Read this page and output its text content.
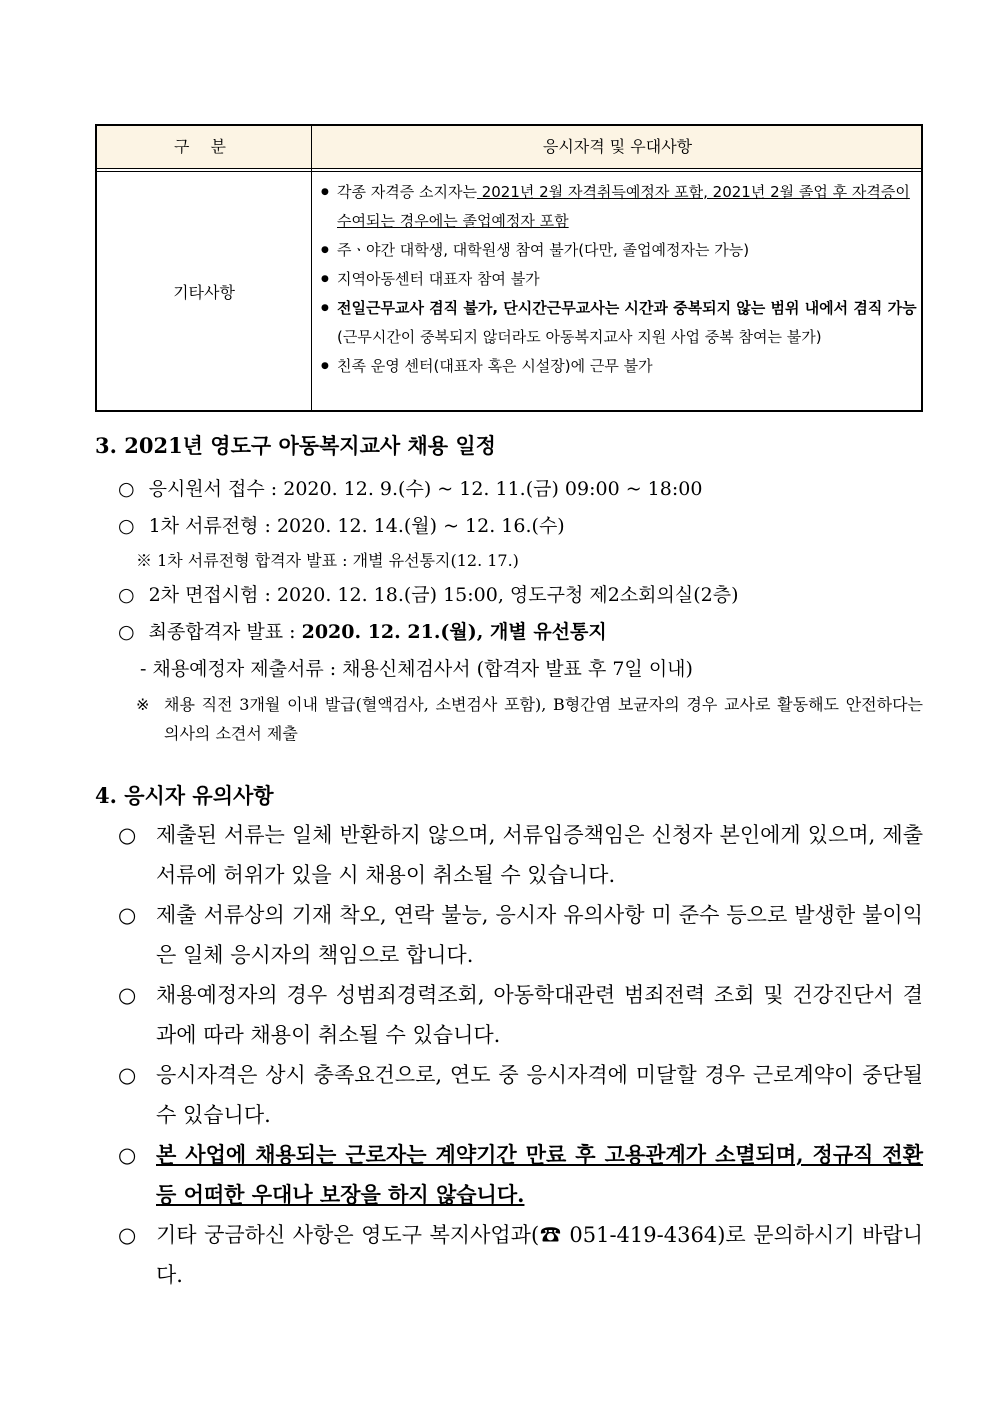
구 분	응시자격 및 우대사항
기타사항
● 각종 자격증 소지자는 2021년 2월 자격취득예정자 포함, 2021년 2월 졸업 후 자격증이 수여되는 경우에는 졸업예정자 포함
● 주ㆍ야간 대학생, 대학원생 참여 불가(다만, 졸업예정자는 가능)
● 지역아동센터 대표자 참여 불가
● 전일근무교사 겸직 불가, 단시간근무교사는 시간과 중복되지 않는 범위 내에서 겸직 가능(근무시간이 중복되지 않더라도 아동복지교사 지원 사업 중복 참여는 불가)
● 친족 운영 센터(대표자 혹은 시설장)에 근무 불가
3. 2021년 영도구 아동복지교사 채용 일정
○ 응시원서 접수 : 2020. 12. 9.(수) ~ 12. 11.(금) 09:00 ~ 18:00
○ 1차 서류전형 : 2020. 12. 14.(월) ~ 12. 16.(수)
※ 1차 서류전형 합격자 발표 : 개별 유선통지(12. 17.)
○ 2차 면접시험 : 2020. 12. 18.(금) 15:00, 영도구청 제2소회의실(2층)
○ 최종합격자 발표 : 2020. 12. 21.(월), 개별 유선통지
- 채용예정자 제출서류 : 채용신체검사서 (합격자 발표 후 7일 이내)
※ 채용 직전 3개월 이내 발급(혈액검사, 소변검사 포함), B형간염 보균자의 경우 교사로 활동해도 안전하다는 의사의 소견서 제출
4. 응시자 유의사항
○ 제출된 서류는 일체 반환하지 않으며, 서류입증책임은 신청자 본인에게 있으며, 제출서류에 허위가 있을 시 채용이 취소될 수 있습니다.
○ 제출 서류상의 기재 착오, 연락 불능, 응시자 유의사항 미 준수 등으로 발생한 불이익은 일체 응시자의 책임으로 합니다.
○ 채용예정자의 경우 성범죄경력조회, 아동학대관련 범죄전력 조회 및 건강진단서 결과에 따라 채용이 취소될 수 있습니다.
○ 응시자격은 상시 충족요건으로, 연도 중 응시자격에 미달할 경우 근로계약이 중단될 수 있습니다.
○ 본 사업에 채용되는 근로자는 계약기간 만료 후 고용관계가 소멸되며, 정규직 전환 등 어떠한 우대나 보장을 하지 않습니다.
○ 기타 궁금하신 사항은 영도구 복지사업과(☎ 051-419-4364)로 문의하시기 바랍니다.
